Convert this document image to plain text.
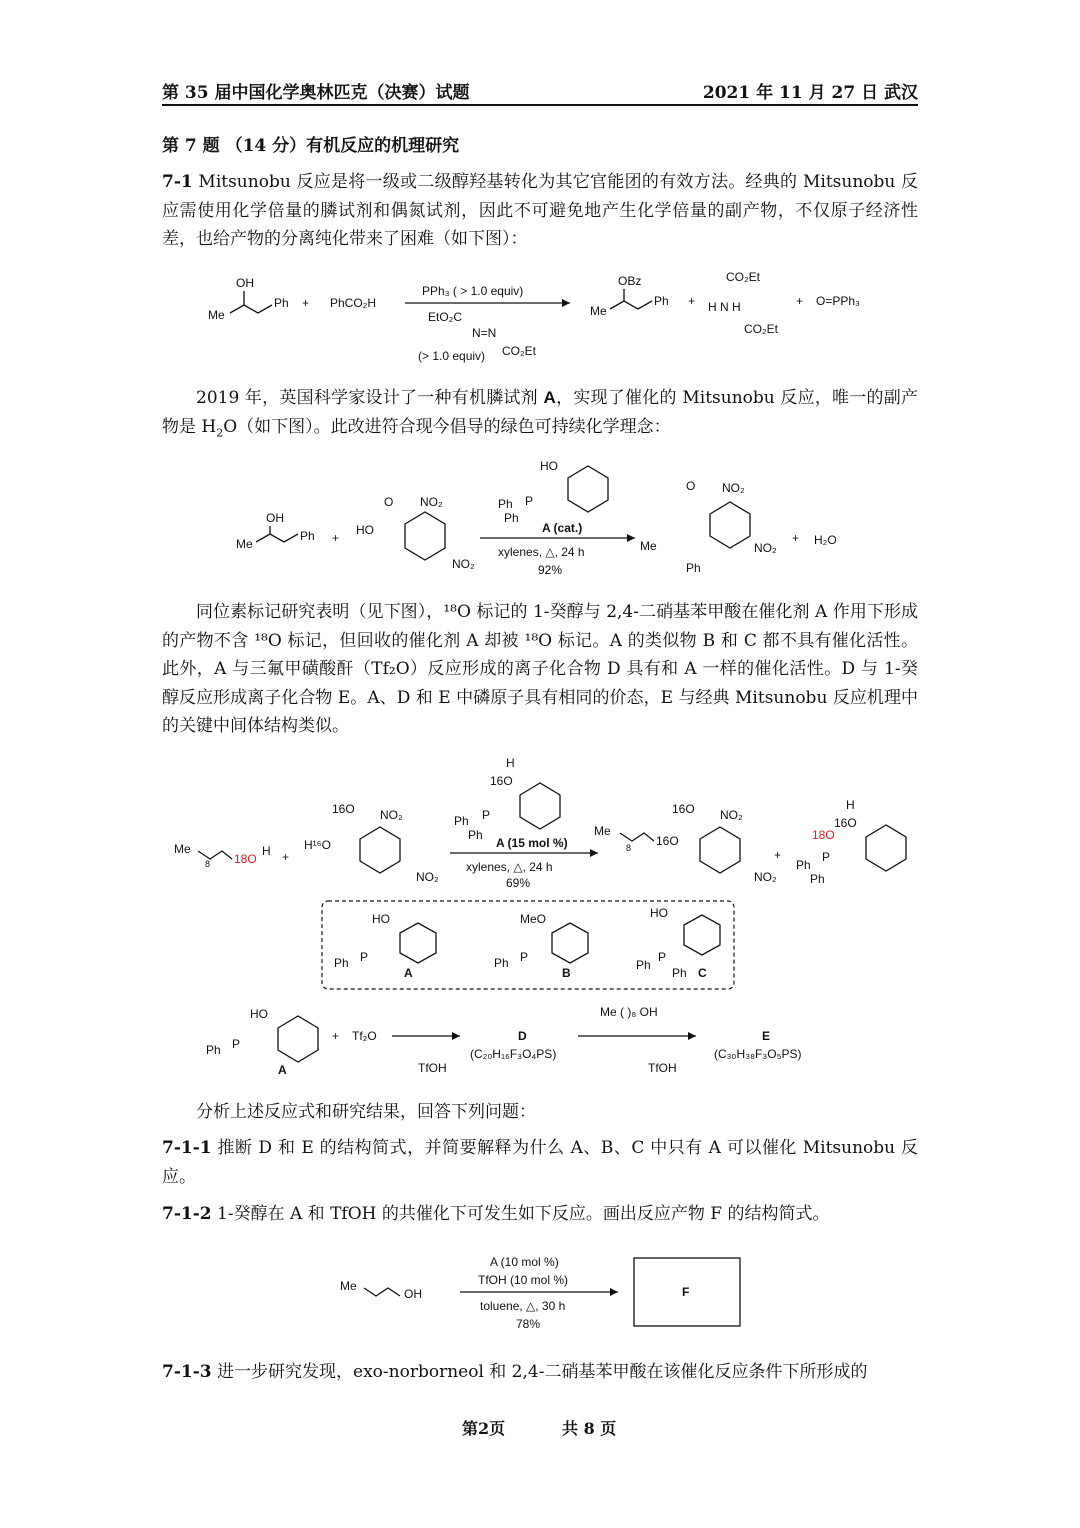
第 35 届中国化学奥林匹克（决赛）试题	2021 年 11 月 27 日 武汉
第 7 题 （14 分）有机反应的机理研究
7-1 Mitsunobu 反应是将一级或二级醇羟基转化为其它官能团的有效方法。经典的 Mitsunobu 反应需使用化学倍量的膦试剂和偶氮试剂，因此不可避免地产生化学倍量的副产物，不仅原子经济性差，也给产物的分离纯化带来了困难（如下图）：
OH
Me
Ph + PhCO₂H
PPh₃ ( > 1.0 equiv)
EtO₂C
N=N
CO₂Et
(> 1.0 equiv)
OBz
Me
Ph +
CO₂Et
H N H
CO₂Et
+ O=PPh₃
2019 年，英国科学家设计了一种有机膦试剂 A，实现了催化的 Mitsunobu 反应，唯一的副产物是 $H_2O$（如下图）。此改进符合现今倡导的绿色可持续化学理念：
OH
Me
Ph +
HO
O NO₂
NO₂
HO
Ph
Ph
P
A (cat.)
xylenes, △, 24 h
92%
O NO₂
NO₂
Me
Ph
+ H₂O
同位素标记研究表明（见下图），¹⁸O 标记的 1-癸醇与 2,4-二硝基苯甲酸在催化剂 A 作用下形成的产物不含 ¹⁸O 标记，但回收的催化剂 A 却被 ¹⁸O 标记。A 的类似物 B 和 C 都不具有催化活性。此外，A 与三氟甲磺酸酐（Tf₂O）反应形成的离子化合物 D 具有和 A 一样的催化活性。D 与 1-癸醇反应形成离子化合物 E。A、D 和 E 中磷原子具有相同的价态，E 与经典 Mitsunobu 反应机理中的关键中间体结构类似。
Me
8 18O
H +
H¹⁶O
16O NO₂
NO₂
H
16O
Ph P
Ph
A (15 mol %)
xylenes, △, 24 h
69%
Me
8 16O
16O NO₂
NO₂
+
H
16O
18O
Ph
P
Ph
HO
Ph P
A
MeO
Ph P
B
HO
Ph
P
Ph C
HO
Ph P
A
+ Tf₂O
TfOH
D
(C₂₀H₁₆F₃O₄PS)
Me ( )₈ OH
TfOH
E
(C₃₀H₃₈F₃O₅PS)
分析上述反应式和研究结果，回答下列问题：
7-1-1 推断 D 和 E 的结构简式，并简要解释为什么 A、B、C 中只有 A 可以催化 Mitsunobu 反应。
7-1-2 1-癸醇在 A 和 TfOH 的共催化下可发生如下反应。画出反应产物 F 的结构简式。
Me
OH
A (10 mol %)
TfOH (10 mol %)
toluene, △, 30 h
78%
F
7-1-3 进一步研究发现，exo-norborneol 和 2,4-二硝基苯甲酸在该催化反应条件下所形成的
第2页	共 8 页
